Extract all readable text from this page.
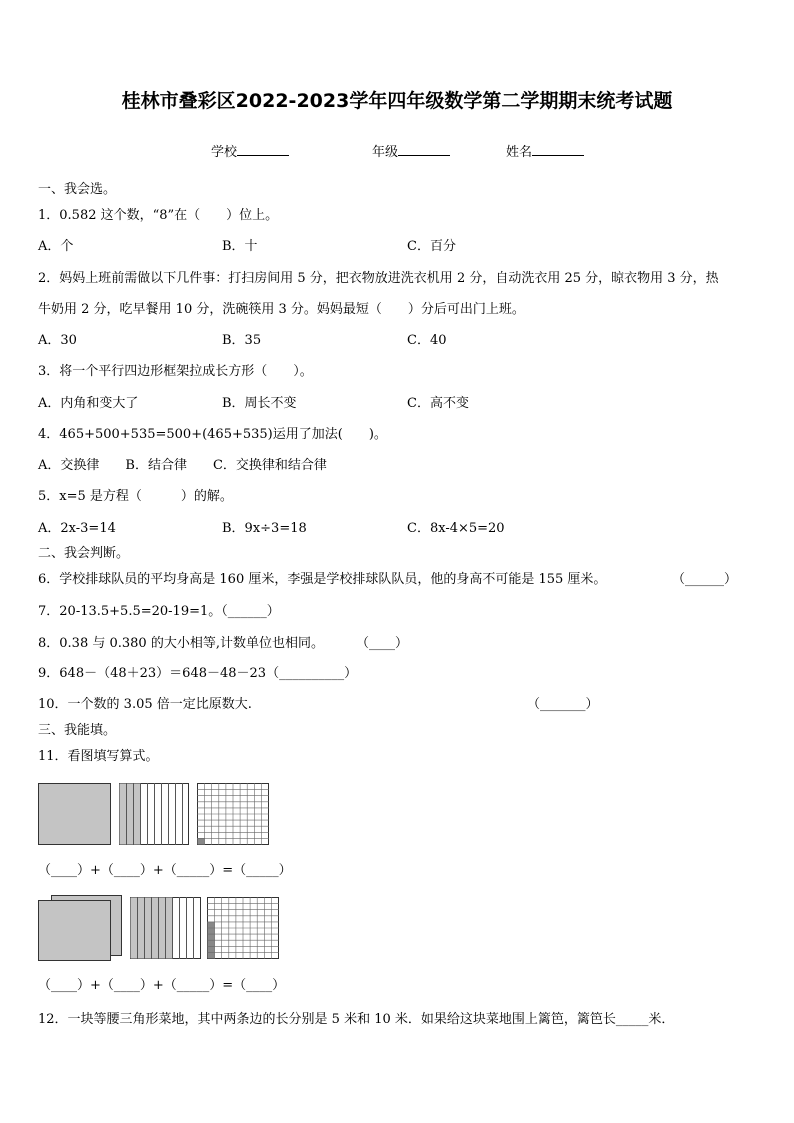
桂林市叠彩区2022-2023学年四年级数学第二学期期末统考试题
学校	年级	姓名
一、我会选。
1．0.582 这个数，“8”在（　　）位上。
A．个	B．十	C．百分
2．妈妈上班前需做以下几件事：打扫房间用 5 分，把衣物放进洗衣机用 2 分，自动洗衣用 25 分，晾衣物用 3 分，热
牛奶用 2 分，吃早餐用 10 分，洗碗筷用 3 分。妈妈最短（　　）分后可出门上班。
A．30	B．35	C．40
3．将一个平行四边形框架拉成长方形（　　）。
A．内角和变大了	B．周长不变	C．高不变
4．465+500+535=500+(465+535)运用了加法(　　)。
A．交换律　　B．结合律　　C．交换律和结合律
5．x=5 是方程（　　　）的解。
A．2x-3=14	B．9x÷3=18	C．8x-4×5=20
二、我会判断。
6．学校排球队员的平均身高是 160 厘米，李强是学校排球队队员，他的身高不可能是 155 厘米。	（______）
7．20-13.5+5.5=20-19=1。（______）
8．0.38 与 0.380 的大小相等,计数单位也相同。 （____）
9．648－（48＋23）＝648－48－23（__________）
10．一个数的 3.05 倍一定比原数大.	（_______）
三、我能填。
11．看图填写算式。
（____）+（____）+（_____）=（_____）
（____）+（____）+（_____）=（____）
12．一块等腰三角形菜地，其中两条边的长分别是 5 米和 10 米．如果给这块菜地围上篱笆，篱笆长_____米．
